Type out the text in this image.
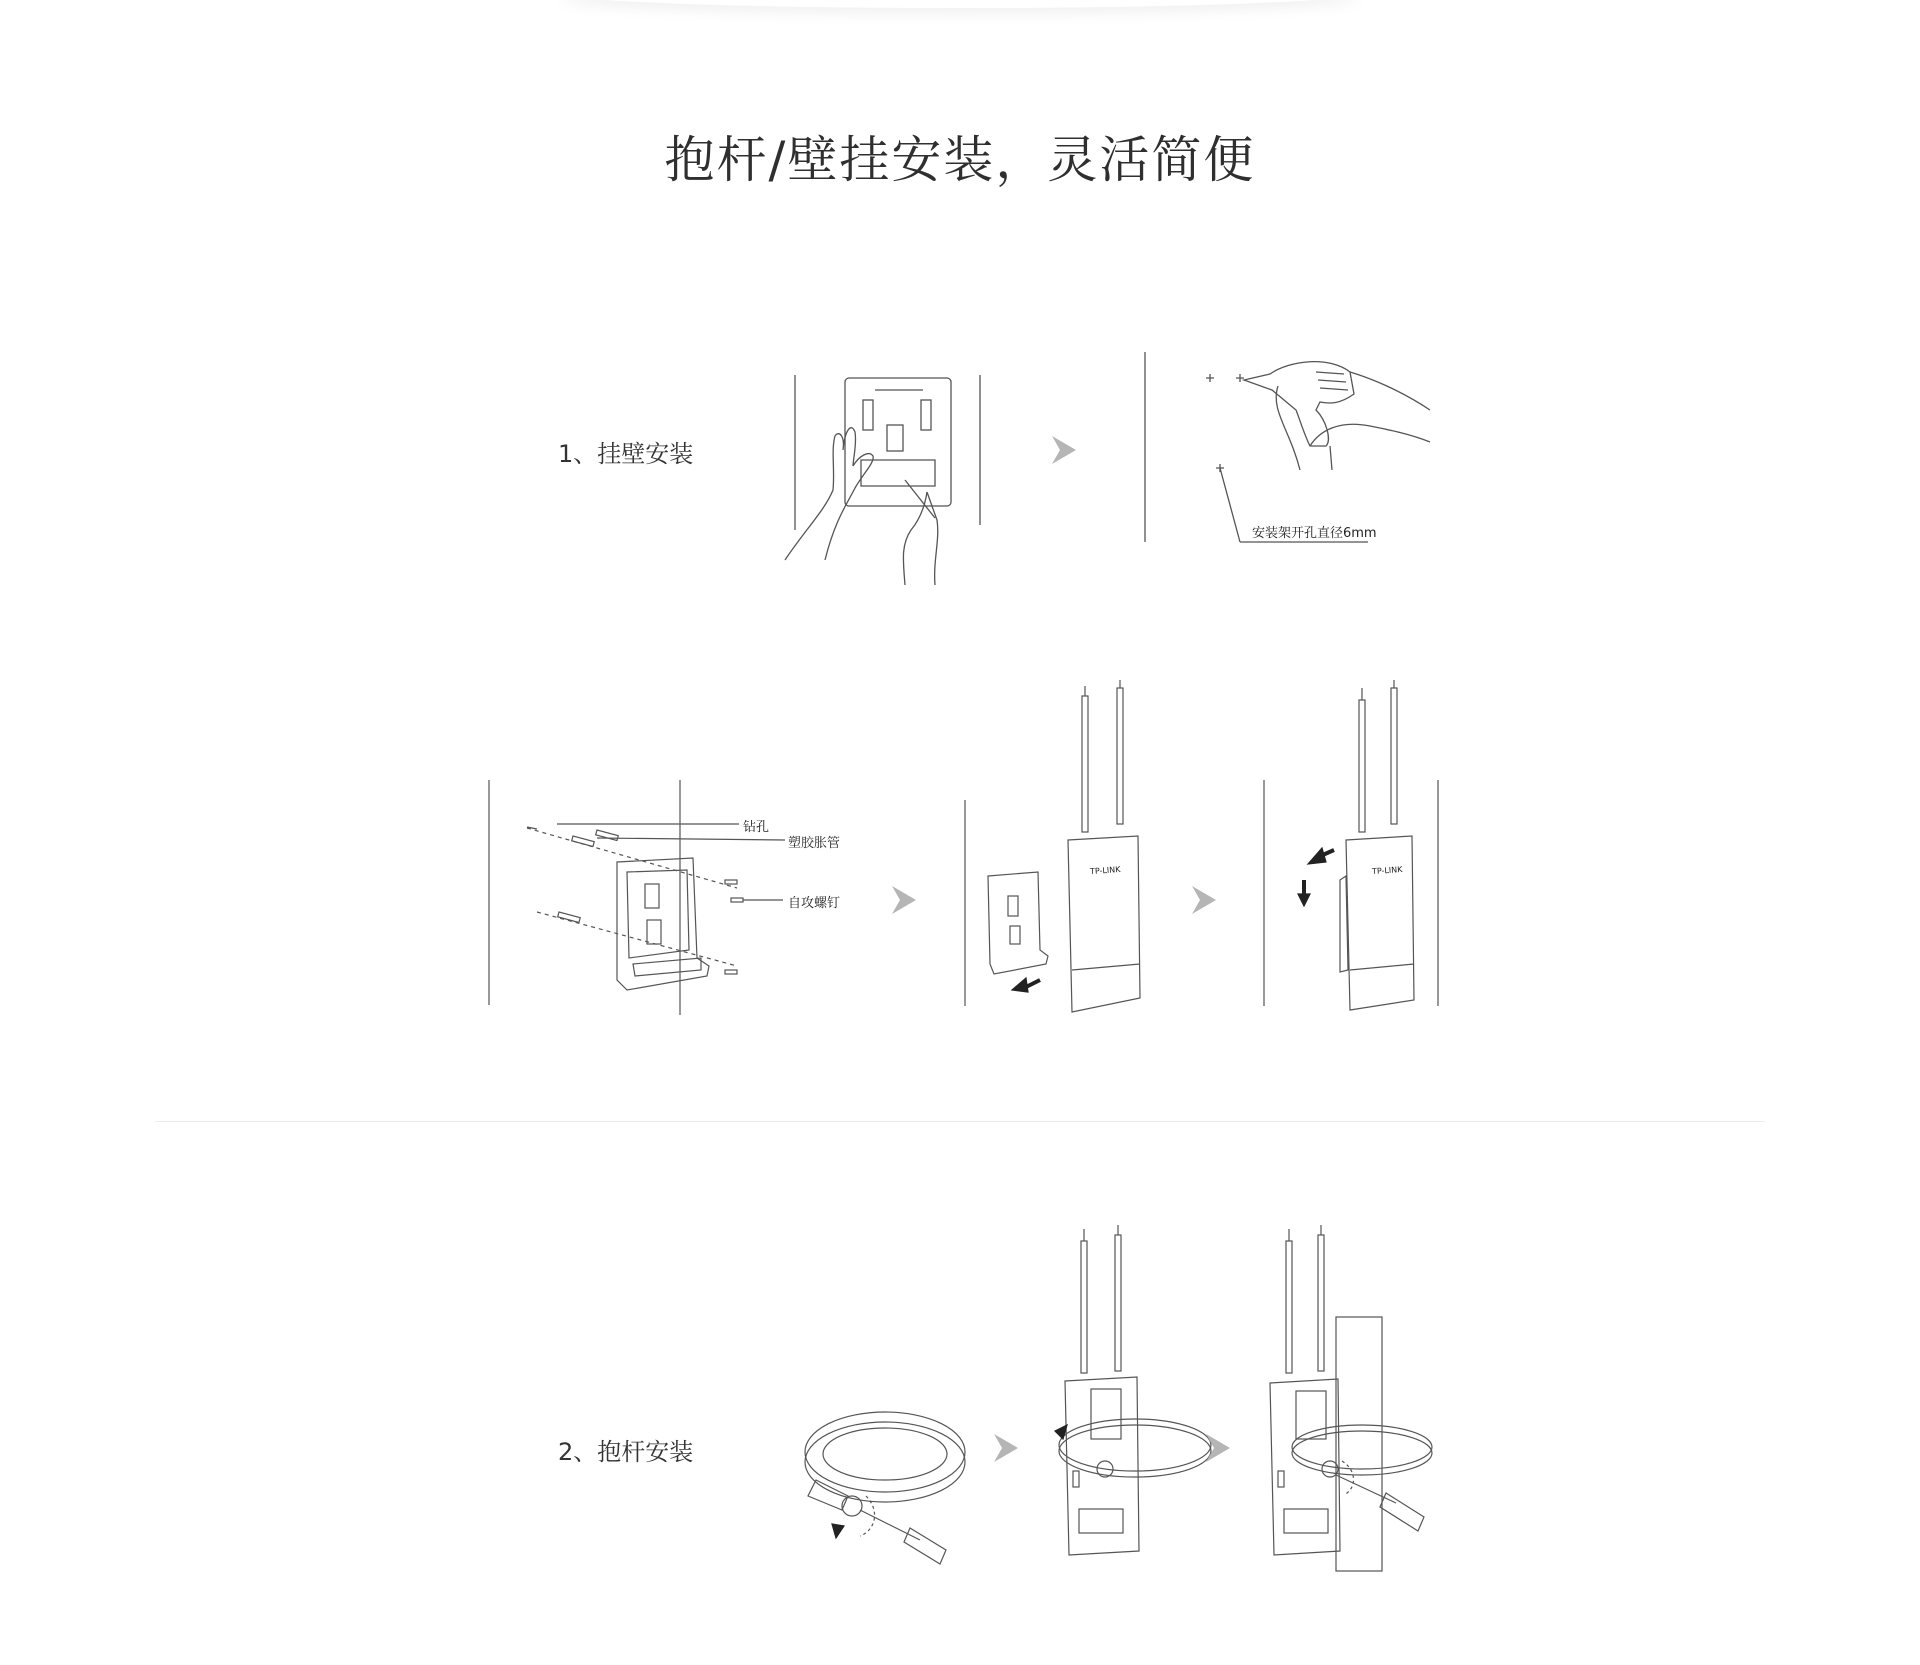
抱杆/壁挂安装，灵活简便
1、挂壁安装
安装架开孔直径6mm
钻孔
塑胶胀管
自攻螺钉
TP-LINK	TP-LINK
2、抱杆安装
